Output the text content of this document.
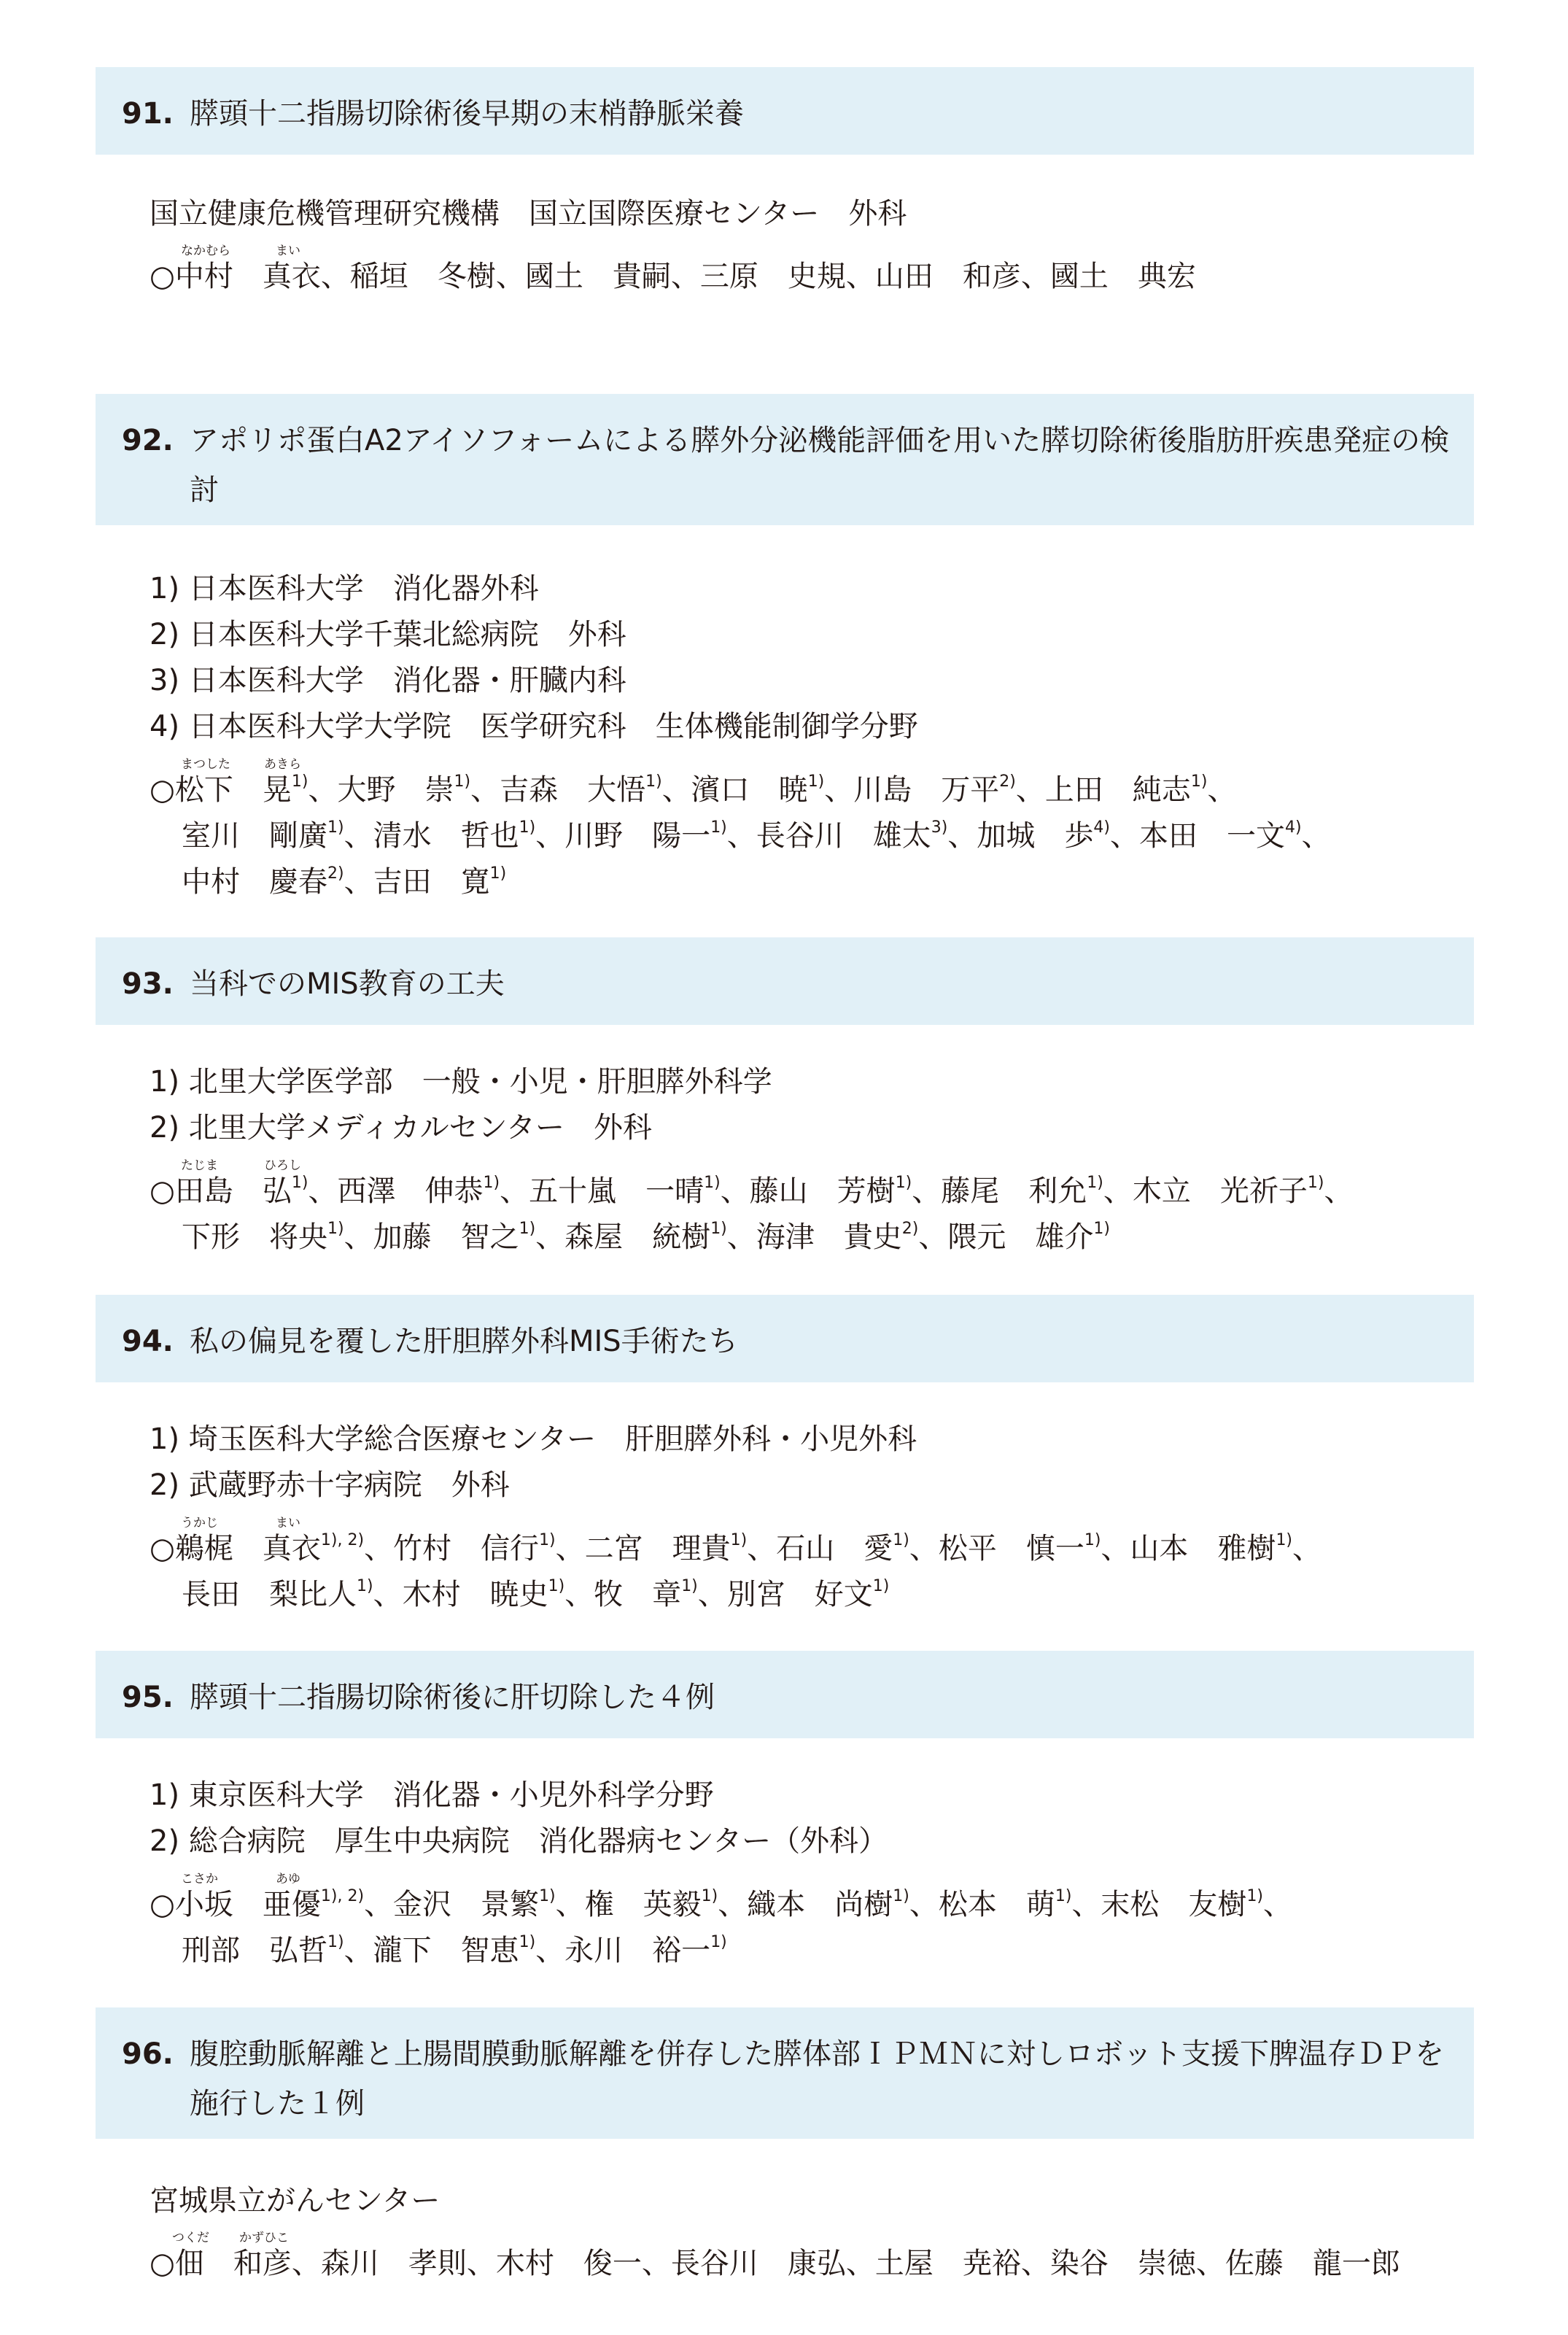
91. 膵頭十二指腸切除術後早期の末梢静脈栄養
国立健康危機管理研究機構　国立国際医療センター　外科
なかむら	まい
○中村　真衣、稲垣　冬樹、國土　貴嗣、三原　史規、山田　和彦、國土　典宏
92. アポリポ蛋白A2アイソフォームによる膵外分泌機能評価を用いた膵切除術後脂肪肝疾患発症の検討
1) 日本医科大学　消化器外科
2) 日本医科大学千葉北総病院　外科
3) 日本医科大学　消化器・肝臓内科
4) 日本医科大学大学院　医学研究科　生体機能制御学分野
まつした	あきら
○松下　晃$^{1)}$、大野　崇$^{1)}$、吉森　大悟$^{1)}$、濱口　暁$^{1)}$、川島　万平$^{2)}$、上田　純志$^{1)}$、
室川　剛廣$^{1)}$、清水　哲也$^{1)}$、川野　陽一$^{1)}$、長谷川　雄太$^{3)}$、加城　歩$^{4)}$、本田　一文$^{4)}$、
中村　慶春$^{2)}$、吉田　寛$^{1)}$
93. 当科でのMIS教育の工夫
1) 北里大学医学部　一般・小児・肝胆膵外科学
2) 北里大学メディカルセンター　外科
たじま	ひろし
○田島　弘$^{1)}$、西澤　伸恭$^{1)}$、五十嵐　一晴$^{1)}$、藤山　芳樹$^{1)}$、藤尾　利允$^{1)}$、木立　光祈子$^{1)}$、
下形　将央$^{1)}$、加藤　智之$^{1)}$、森屋　統樹$^{1)}$、海津　貴史$^{2)}$、隈元　雄介$^{1)}$
94. 私の偏見を覆した肝胆膵外科MIS手術たち
1) 埼玉医科大学総合医療センター　肝胆膵外科・小児外科
2) 武蔵野赤十字病院　外科
うかじ	まい
○鵜梶　真衣$^{1), 2)}$、竹村　信行$^{1)}$、二宮　理貴$^{1)}$、石山　愛$^{1)}$、松平　慎一$^{1)}$、山本　雅樹$^{1)}$、
長田　梨比人$^{1)}$、木村　暁史$^{1)}$、牧　章$^{1)}$、別宮　好文$^{1)}$
95. 膵頭十二指腸切除術後に肝切除した４例
1) 東京医科大学　消化器・小児外科学分野
2) 総合病院　厚生中央病院　消化器病センター（外科）
こさか	あゆ
○小坂　亜優$^{1), 2)}$、金沢　景繁$^{1)}$、権　英毅$^{1)}$、織本　尚樹$^{1)}$、松本　萌$^{1)}$、末松　友樹$^{1)}$、
刑部　弘哲$^{1)}$、瀧下　智恵$^{1)}$、永川　裕一$^{1)}$
96. 腹腔動脈解離と上腸間膜動脈解離を併存した膵体部ＩＰＭＮに対しロボット支援下脾温存ＤＰを施行した１例
宮城県立がんセンター
つくだ かずひこ
○佃　和彦、森川　孝則、木村　俊一、長谷川　康弘、土屋　尭裕、染谷　崇徳、佐藤　龍一郎
